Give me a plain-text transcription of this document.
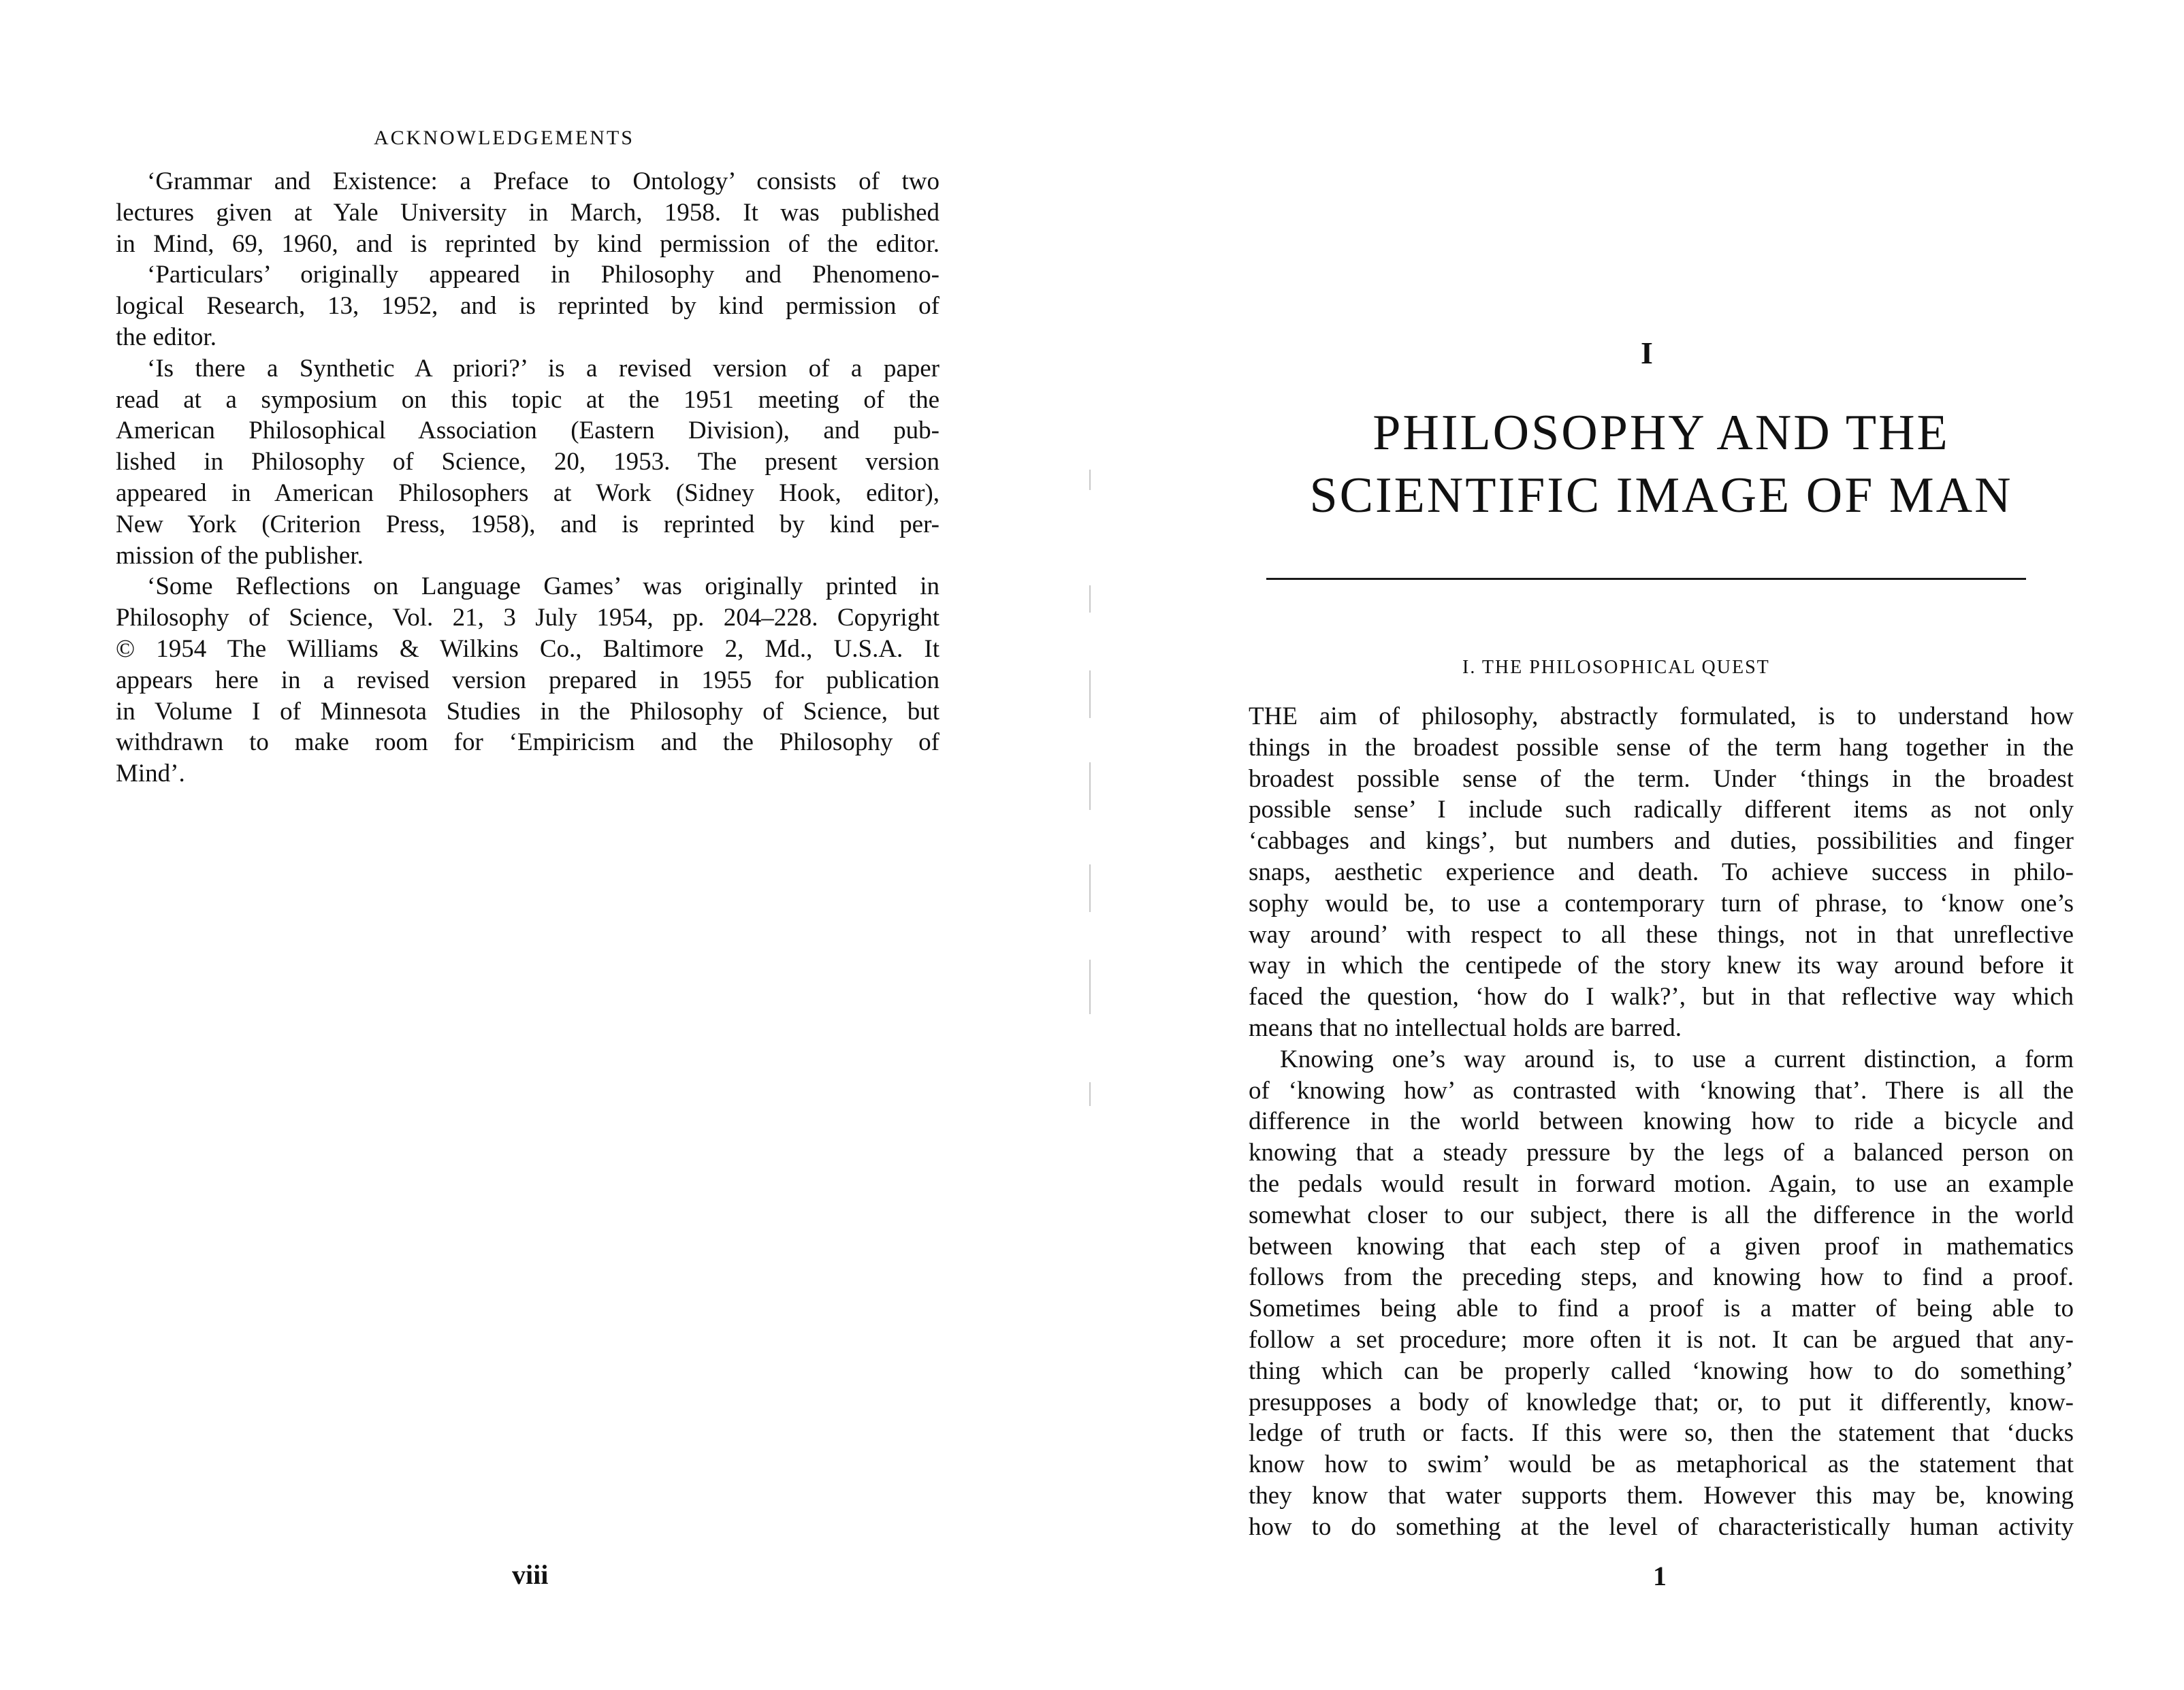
ACKNOWLEDGEMENTS
‘Grammar and Existence: a Preface to Ontology’ consists of two
lectures given at Yale University in March, 1958. It was published
in Mind, 69, 1960, and is reprinted by kind permission of the editor.
‘Particulars’ originally appeared in Philosophy and Phenomeno-
logical Research, 13, 1952, and is reprinted by kind permission of
the editor.
‘Is there a Synthetic A priori?’ is a revised version of a paper
read at a symposium on this topic at the 1951 meeting of the
American Philosophical Association (Eastern Division), and pub-
lished in Philosophy of Science, 20, 1953. The present version
appeared in American Philosophers at Work (Sidney Hook, editor),
New York (Criterion Press, 1958), and is reprinted by kind per-
mission of the publisher.
‘Some Reflections on Language Games’ was originally printed in
Philosophy of Science, Vol. 21, 3 July 1954, pp. 204–228. Copyright
© 1954 The Williams & Wilkins Co., Baltimore 2, Md., U.S.A. It
appears here in a revised version prepared in 1955 for publication
in Volume I of Minnesota Studies in the Philosophy of Science, but
withdrawn to make room for ‘Empiricism and the Philosophy of
Mind’.
viii
I
PHILOSOPHY AND THE
SCIENTIFIC IMAGE OF MAN
I. THE PHILOSOPHICAL QUEST
THE aim of philosophy, abstractly formulated, is to understand how
things in the broadest possible sense of the term hang together in the
broadest possible sense of the term. Under ‘things in the broadest
possible sense’ I include such radically different items as not only
‘cabbages and kings’, but numbers and duties, possibilities and finger
snaps, aesthetic experience and death. To achieve success in philo-
sophy would be, to use a contemporary turn of phrase, to ‘know one’s
way around’ with respect to all these things, not in that unreflective
way in which the centipede of the story knew its way around before it
faced the question, ‘how do I walk?’, but in that reflective way which
means that no intellectual holds are barred.
Knowing one’s way around is, to use a current distinction, a form
of ‘knowing how’ as contrasted with ‘knowing that’. There is all the
difference in the world between knowing how to ride a bicycle and
knowing that a steady pressure by the legs of a balanced person on
the pedals would result in forward motion. Again, to use an example
somewhat closer to our subject, there is all the difference in the world
between knowing that each step of a given proof in mathematics
follows from the preceding steps, and knowing how to find a proof.
Sometimes being able to find a proof is a matter of being able to
follow a set procedure; more often it is not. It can be argued that any-
thing which can be properly called ‘knowing how to do something’
presupposes a body of knowledge that; or, to put it differently, know-
ledge of truth or facts. If this were so, then the statement that ‘ducks
know how to swim’ would be as metaphorical as the statement that
they know that water supports them. However this may be, knowing
how to do something at the level of characteristically human activity
1
